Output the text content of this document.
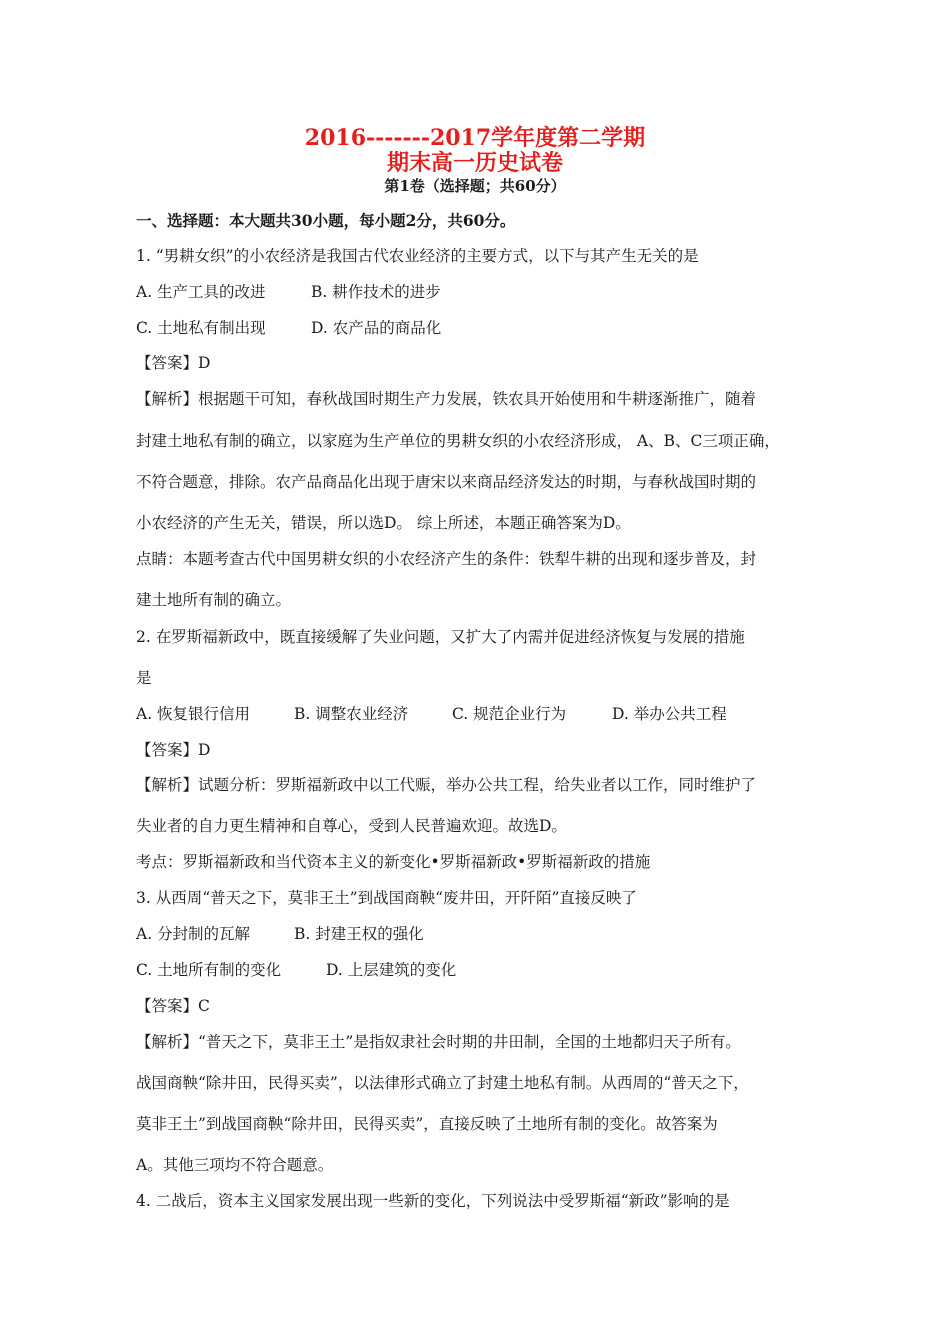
2016-------2017学年度第二学期
期末高一历史试卷
第1卷（选择题；共60分）
一、选择题：本大题共30小题，每小题2分，共60分。
1. “男耕女织”的小农经济是我国古代农业经济的主要方式，以下与其产生无关的是
A. 生产工具的改进	B. 耕作技术的进步
C. 土地私有制出现	D. 农产品的商品化
【答案】D
【解析】根据题干可知，春秋战国时期生产力发展，铁农具开始使用和牛耕逐渐推广，随着
封建土地私有制的确立，以家庭为生产单位的男耕女织的小农经济形成， A、B、C三项正确，
不符合题意，排除。农产品商品化出现于唐宋以来商品经济发达的时期，与春秋战国时期的
小农经济的产生无关，错误，所以选D。 综上所述，本题正确答案为D。
点睛：本题考查古代中国男耕女织的小农经济产生的条件：铁犁牛耕的出现和逐步普及，封
建土地所有制的确立。
2. 在罗斯福新政中，既直接缓解了失业问题，又扩大了内需并促进经济恢复与发展的措施
是
A. 恢复银行信用	B. 调整农业经济	C. 规范企业行为	D. 举办公共工程
【答案】D
【解析】试题分析：罗斯福新政中以工代赈，举办公共工程，给失业者以工作，同时维护了
失业者的自力更生精神和自尊心，受到人民普遍欢迎。故选D。
考点：罗斯福新政和当代资本主义的新变化•罗斯福新政•罗斯福新政的措施
3. 从西周“普天之下，莫非王土”到战国商鞅“废井田，开阡陌”直接反映了
A. 分封制的瓦解	B. 封建王权的强化
C. 土地所有制的变化	D. 上层建筑的变化
【答案】C
【解析】“普天之下，莫非王土”是指奴隶社会时期的井田制，全国的土地都归天子所有。
战国商鞅“除井田，民得买卖”，以法律形式确立了封建土地私有制。从西周的“普天之下，
莫非王土”到战国商鞅“除井田，民得买卖”，直接反映了土地所有制的变化。故答案为
A。其他三项均不符合题意。
4. 二战后，资本主义国家发展出现一些新的变化，下列说法中受罗斯福“新政”影响的是
